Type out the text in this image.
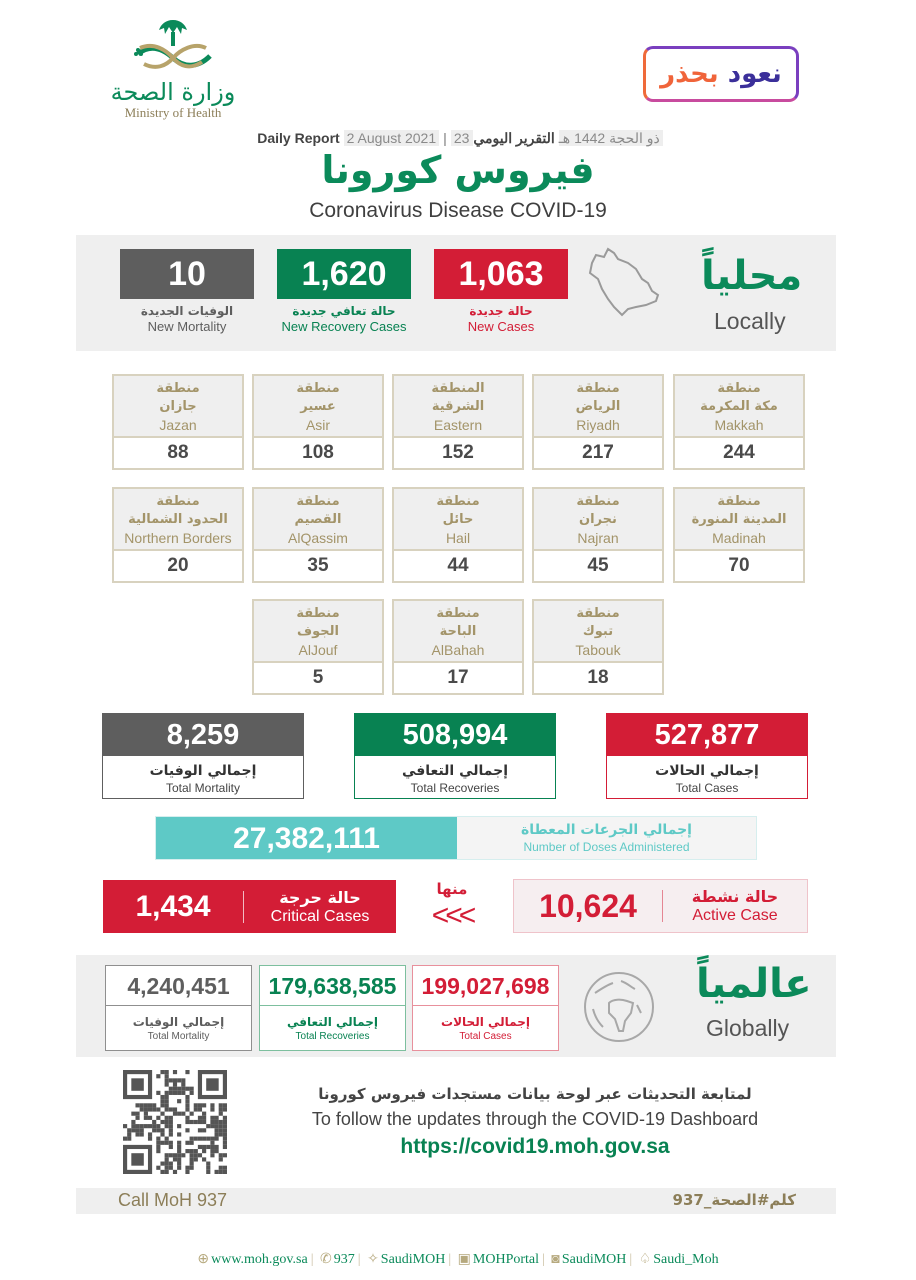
وزارة الصحة
Ministry of Health
بحذر
نعود
Daily Report 2 August 2021 | 23 ذو الحجة 1442 هـ التقرير اليومي
فيروس كورونا
Coronavirus Disease COVID-19
10
الوفيات الجديدة
New Mortality
1,620
حالة تعافي جديدة
New Recovery Cases
1,063
حالة جديدة
New Cases
محلياً
Locally
منطقة
مكة المكرمة
Makkah
244
منطقة
الرياض
Riyadh
217
المنطقة
الشرقية
Eastern
152
منطقة
عسير
Asir
108
منطقة
جازان
Jazan
88
منطقة
المدينة المنورة
Madinah
70
منطقة
نجران
Najran
45
منطقة
حائل
Hail
44
منطقة
القصيم
AlQassim
35
منطقة
الحدود الشمالية
Northern Borders
20
منطقة
تبوك
Tabouk
18
منطقة
الباحة
AlBahah
17
منطقة
الجوف
AlJouf
5
527,877
إجمالي الحالات
Total Cases
508,994
إجمالي التعافي
Total Recoveries
8,259
إجمالي الوفيات
Total Mortality
27,382,111	إجمالي الجرعات المعطاة
Number of Doses Administered
1,434	حالة حرجة
Critical Cases
منها
<<<	10,624	حالة نشطة
Active Case
4,240,451
إجمالي الوفيات
Total Mortality
179,638,585
إجمالي التعافي
Total Recoveries
199,027,698
إجمالي الحالات
Total Cases
عالمياً
Globally
لمتابعة التحديثات عبر لوحة بيانات مستجدات فيروس كورونا
To follow the updates through the COVID-19 Dashboard
https://covid19.moh.gov.sa
Call MoH 937	كلم#الصحة_937
⊕ www.moh.gov.sa | ✆ 937 | ✧ SaudiMOH | ▣ MOHPortal | ◙ SaudiMOH | ♤ Saudi_Moh
